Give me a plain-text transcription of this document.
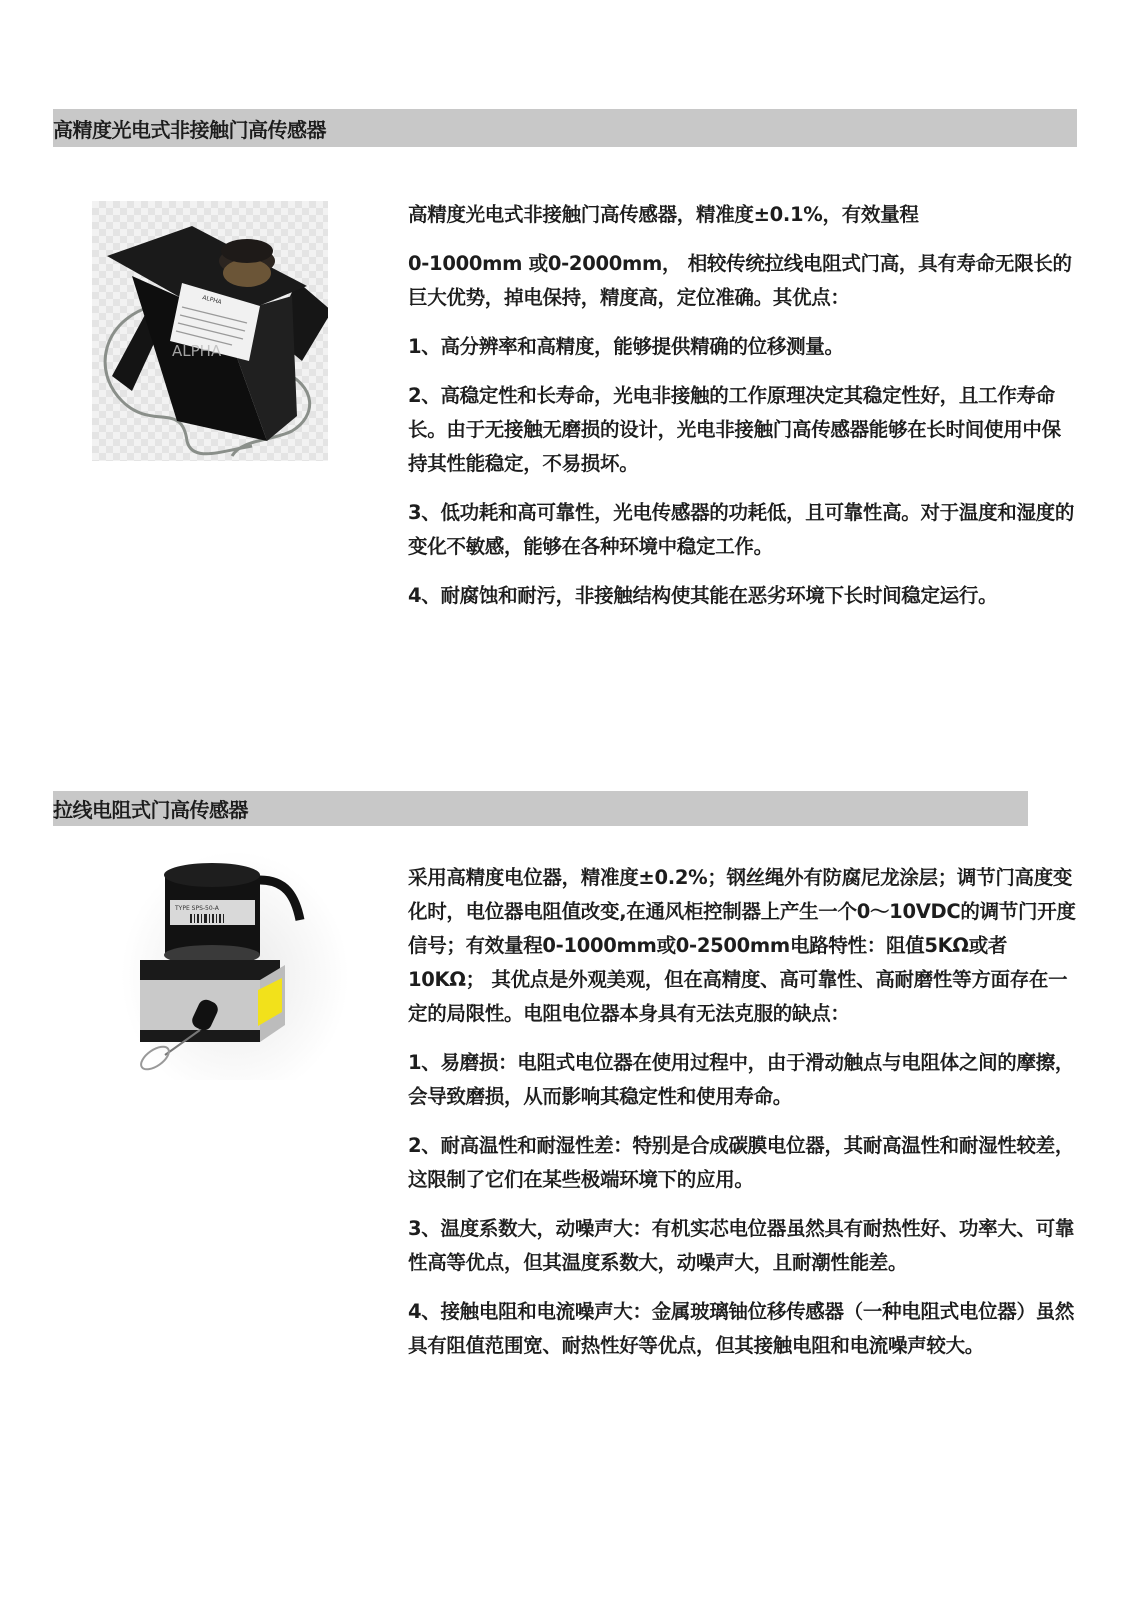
高精度光电式非接触门高传感器
ALPHA
ALPHA

高精度光电式非接触门高传感器，精准度±0.1%，有效量程

0-1000mm 或0-2000mm， 相较传统拉线电阻式门高，具有寿命无限长的巨大优势，掉电保持，精度高，定位准确。其优点：

1、高分辨率和高精度，能够提供精确的位移测量。

2、高稳定性和长寿命，光电非接触的工作原理决定其稳定性好，且工作寿命长。由于无接触无磨损的设计，光电非接触门高传感器能够在长时间使用中保持其性能稳定，不易损坏。

3、低功耗和高可靠性，光电传感器的功耗低，且可靠性高。对于温度和湿度的变化不敏感，能够在各种环境中稳定工作。

4、耐腐蚀和耐污，非接触结构使其能在恶劣环境下长时间稳定运行。

拉线电阻式门高传感器
TYPE SPS-50-A

采用高精度电位器，精准度±0.2%；钢丝绳外有防腐尼龙涂层；调节门高度变化时，电位器电阻值改变,在通风柜控制器上产生一个0～10VDC的调节门开度信号；有效量程0-1000mm或0-2500mm电路特性：阻值5KΩ或者10KΩ； 其优点是外观美观，但在高精度、高可靠性、高耐磨性等方面存在一定的局限性。电阻电位器本身具有无法克服的缺点：

1、易磨损：电阻式电位器在使用过程中，由于滑动触点与电阻体之间的摩擦，会导致磨损，从而影响其稳定性和使用寿命。

2、耐高温性和耐湿性差：特别是合成碳膜电位器，其耐高温性和耐湿性较差，这限制了它们在某些极端环境下的应用。

3、温度系数大，动噪声大：有机实芯电位器虽然具有耐热性好、功率大、可靠性高等优点，但其温度系数大，动噪声大，且耐潮性能差。

4、接触电阻和电流噪声大：金属玻璃铀位移传感器（一种电阻式电位器）虽然具有阻值范围宽、耐热性好等优点，但其接触电阻和电流噪声较大。
